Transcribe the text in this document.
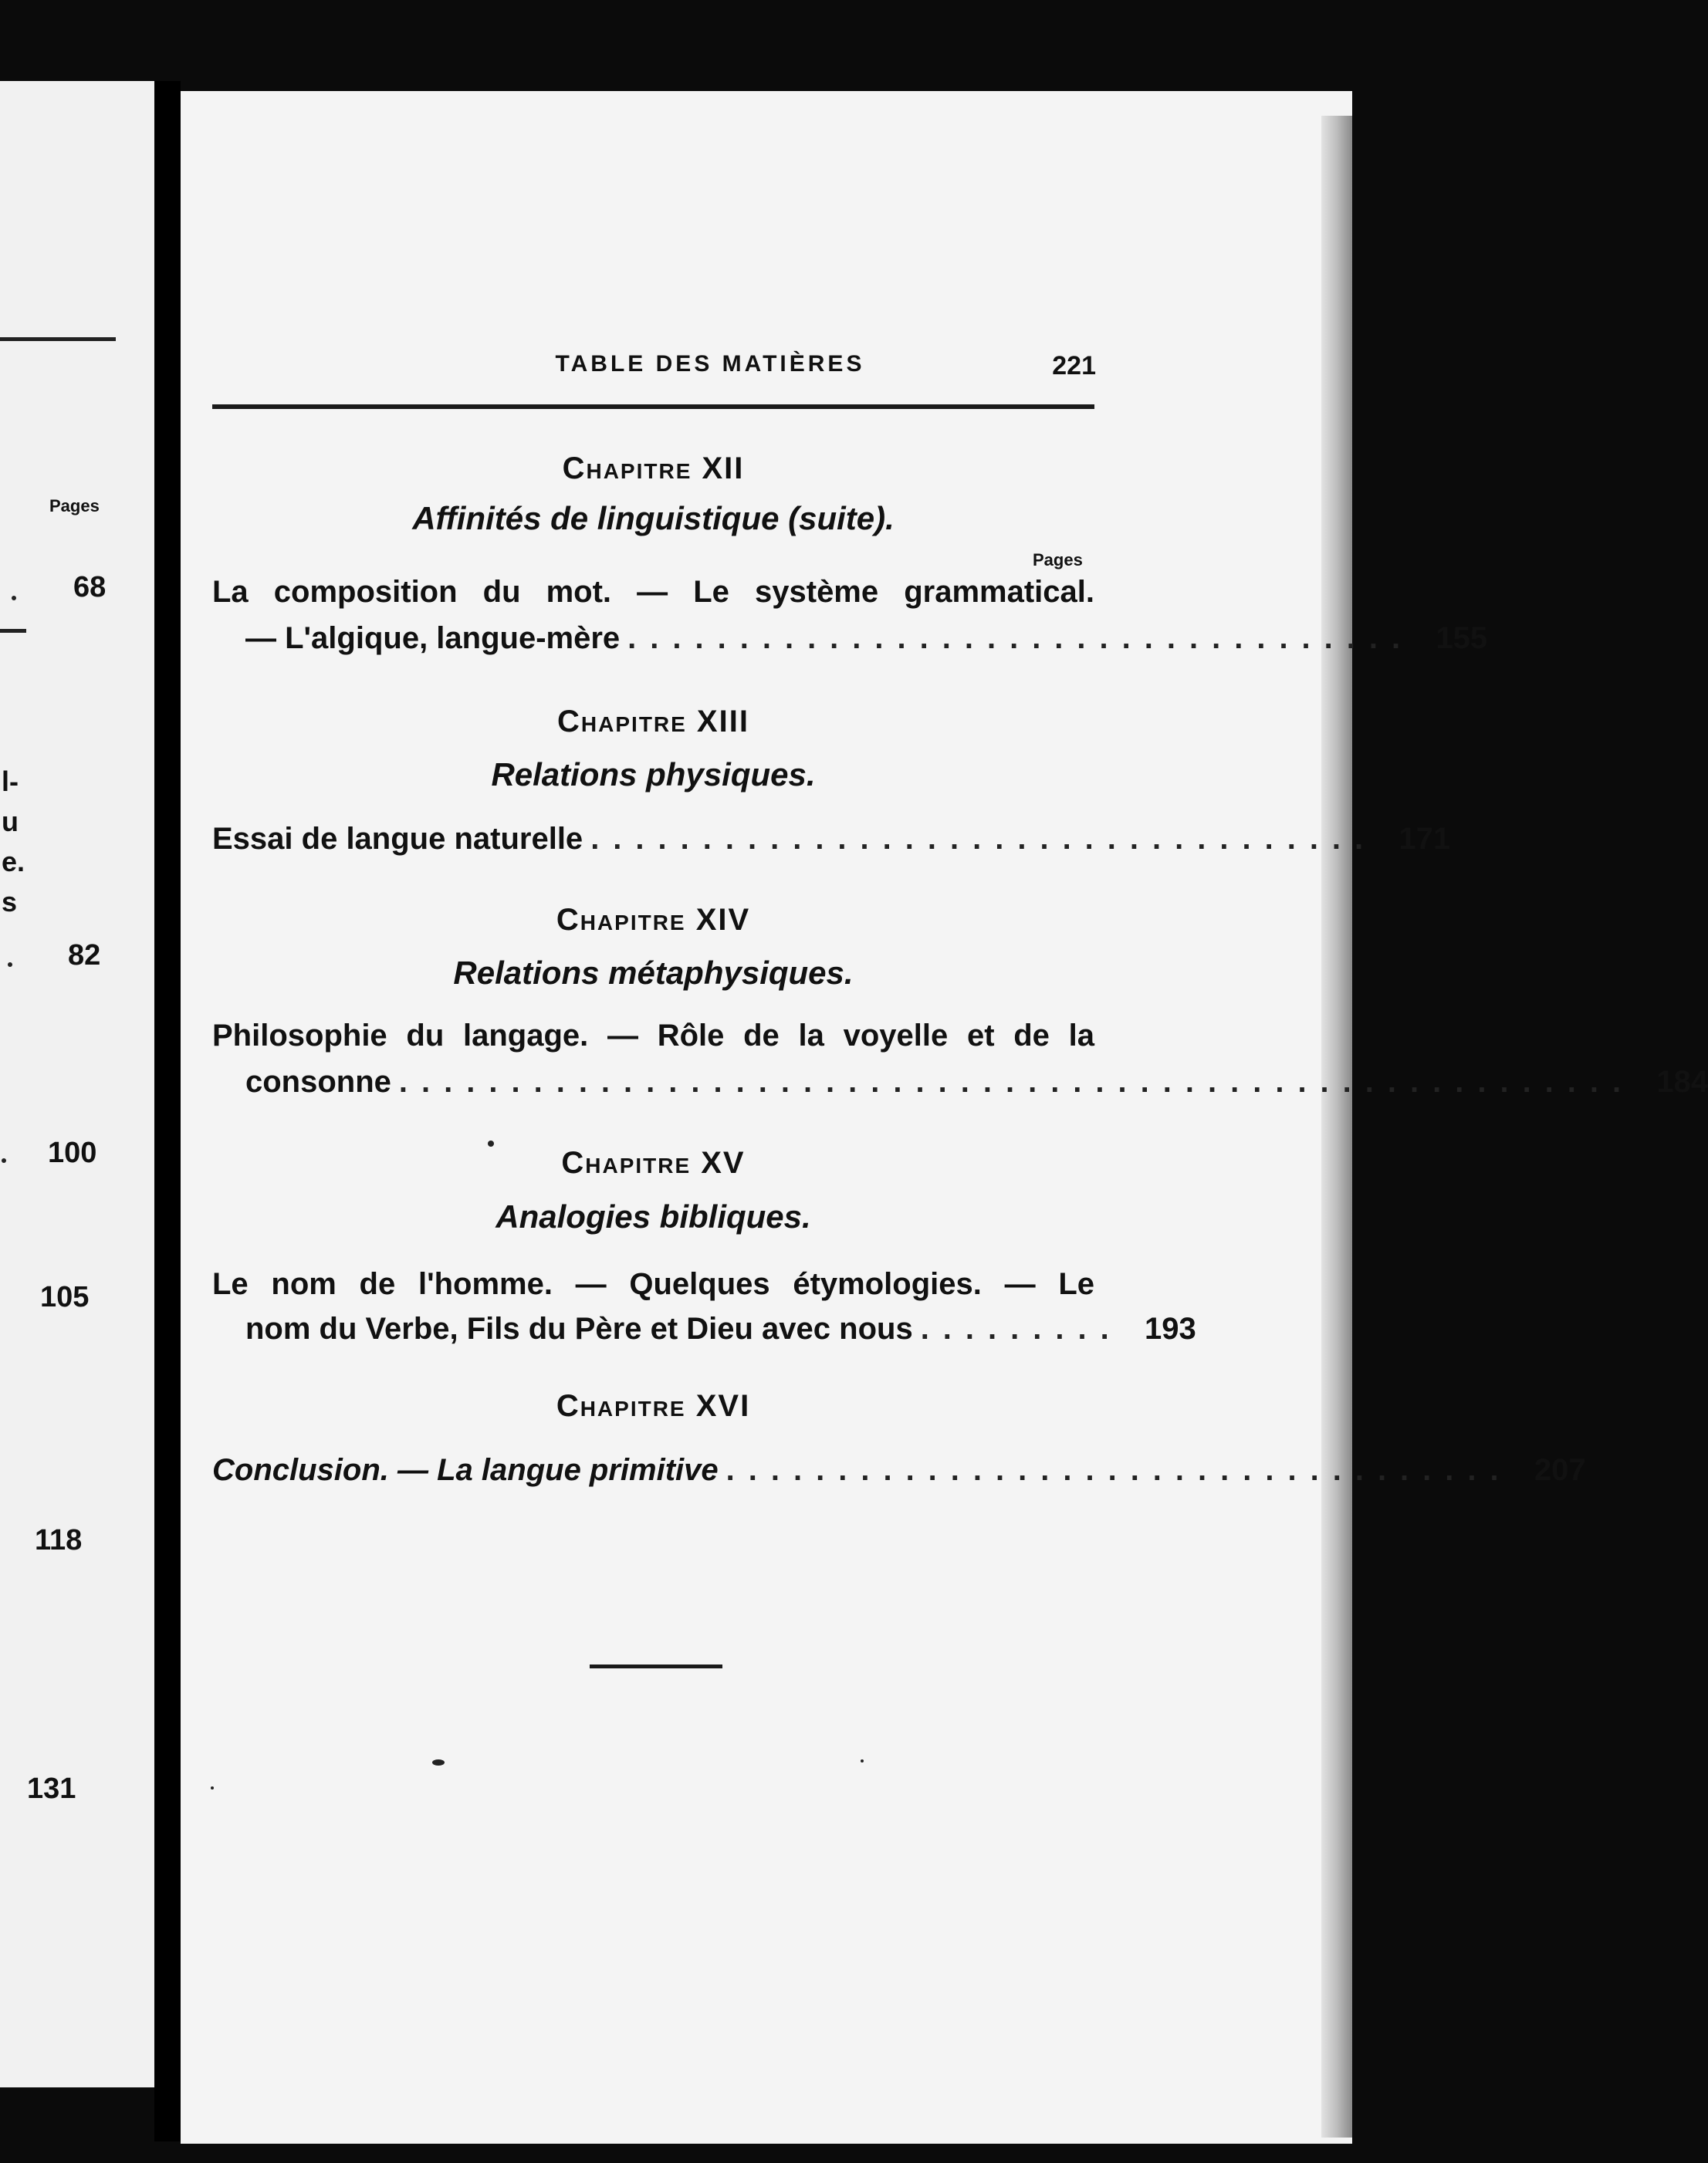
Pages
68
l-
u
e.
s
82
100
105
118
131
TABLE DES MATIÈRES	221
Chapitre XII
Affinités de linguistique (suite).
Pages
La composition du mot. — Le système grammatical.
— L'algique, langue-mère ................................... 155
Chapitre XIII
Relations physiques.
Essai de langue naturelle ................................... 171
Chapitre XIV
Relations métaphysiques.
Philosophie du langage. — Rôle de la voyelle et de la
consonne ....................................................... 184
Chapitre XV
Analogies bibliques.
Le nom de l'homme. — Quelques étymologies. — Le
nom du Verbe, Fils du Père et Dieu avec nous ......... 193
Chapitre XVI
Conclusion. — La langue primitive ................................... 207
